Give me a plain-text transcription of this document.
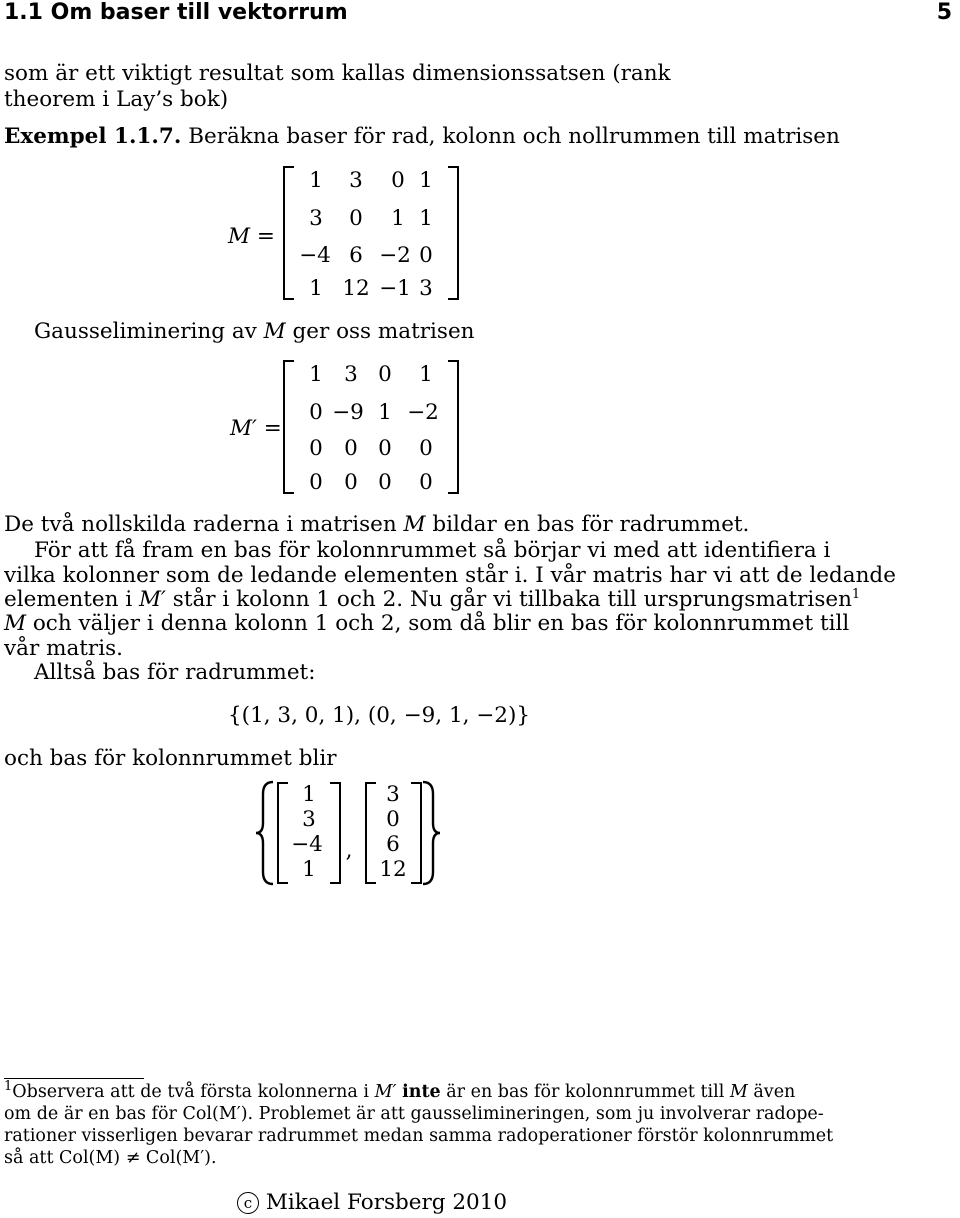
1.1 Om baser till vektorrum	5
som är ett viktigt resultat som kallas dimensionssatsen (rank theorem i Lay’s bok)
Exempel 1.1.7. Beräkna baser för rad, kolonn och nollrummen till matrisen
M =
1	3	0 1
3	0	1 1
−4 6 −2 0
1 12 −1 3
Gausseliminering av M ger oss matrisen
M′ =
1 3 0	1
0 −9 1 −2
0 0 0	0
0 0 0	0
De två nollskilda raderna i matrisen M bildar en bas för radrummet.
För att få fram en bas för kolonnrummet så börjar vi med att identifiera i
vilka kolonner som de ledande elementen står i. I vår matris har vi att de ledande
elementen i M′ står i kolonn 1 och 2. Nu går vi tillbaka till ursprungsmatrisen$^1$
M och väljer i denna kolonn 1 och 2, som då blir en bas för kolonnrummet till
vår matris.
Alltså bas för radrummet:
{(1, 3, 0, 1), (0, −9, 1, −2)}
och bas för kolonnrummet blir
1
3
−4
1
,
3
0
6
12
$^1$Observera att de två första kolonnerna i M′ inte är en bas för kolonnrummet till M även
om de är en bas för Col(M′). Problemet är att gausselimineringen, som ju involverar radope-
rationer visserligen bevarar radrummet medan samma radoperationer förstör kolonnrummet
så att Col(M) ≠ Col(M′).
c Mikael Forsberg 2010
